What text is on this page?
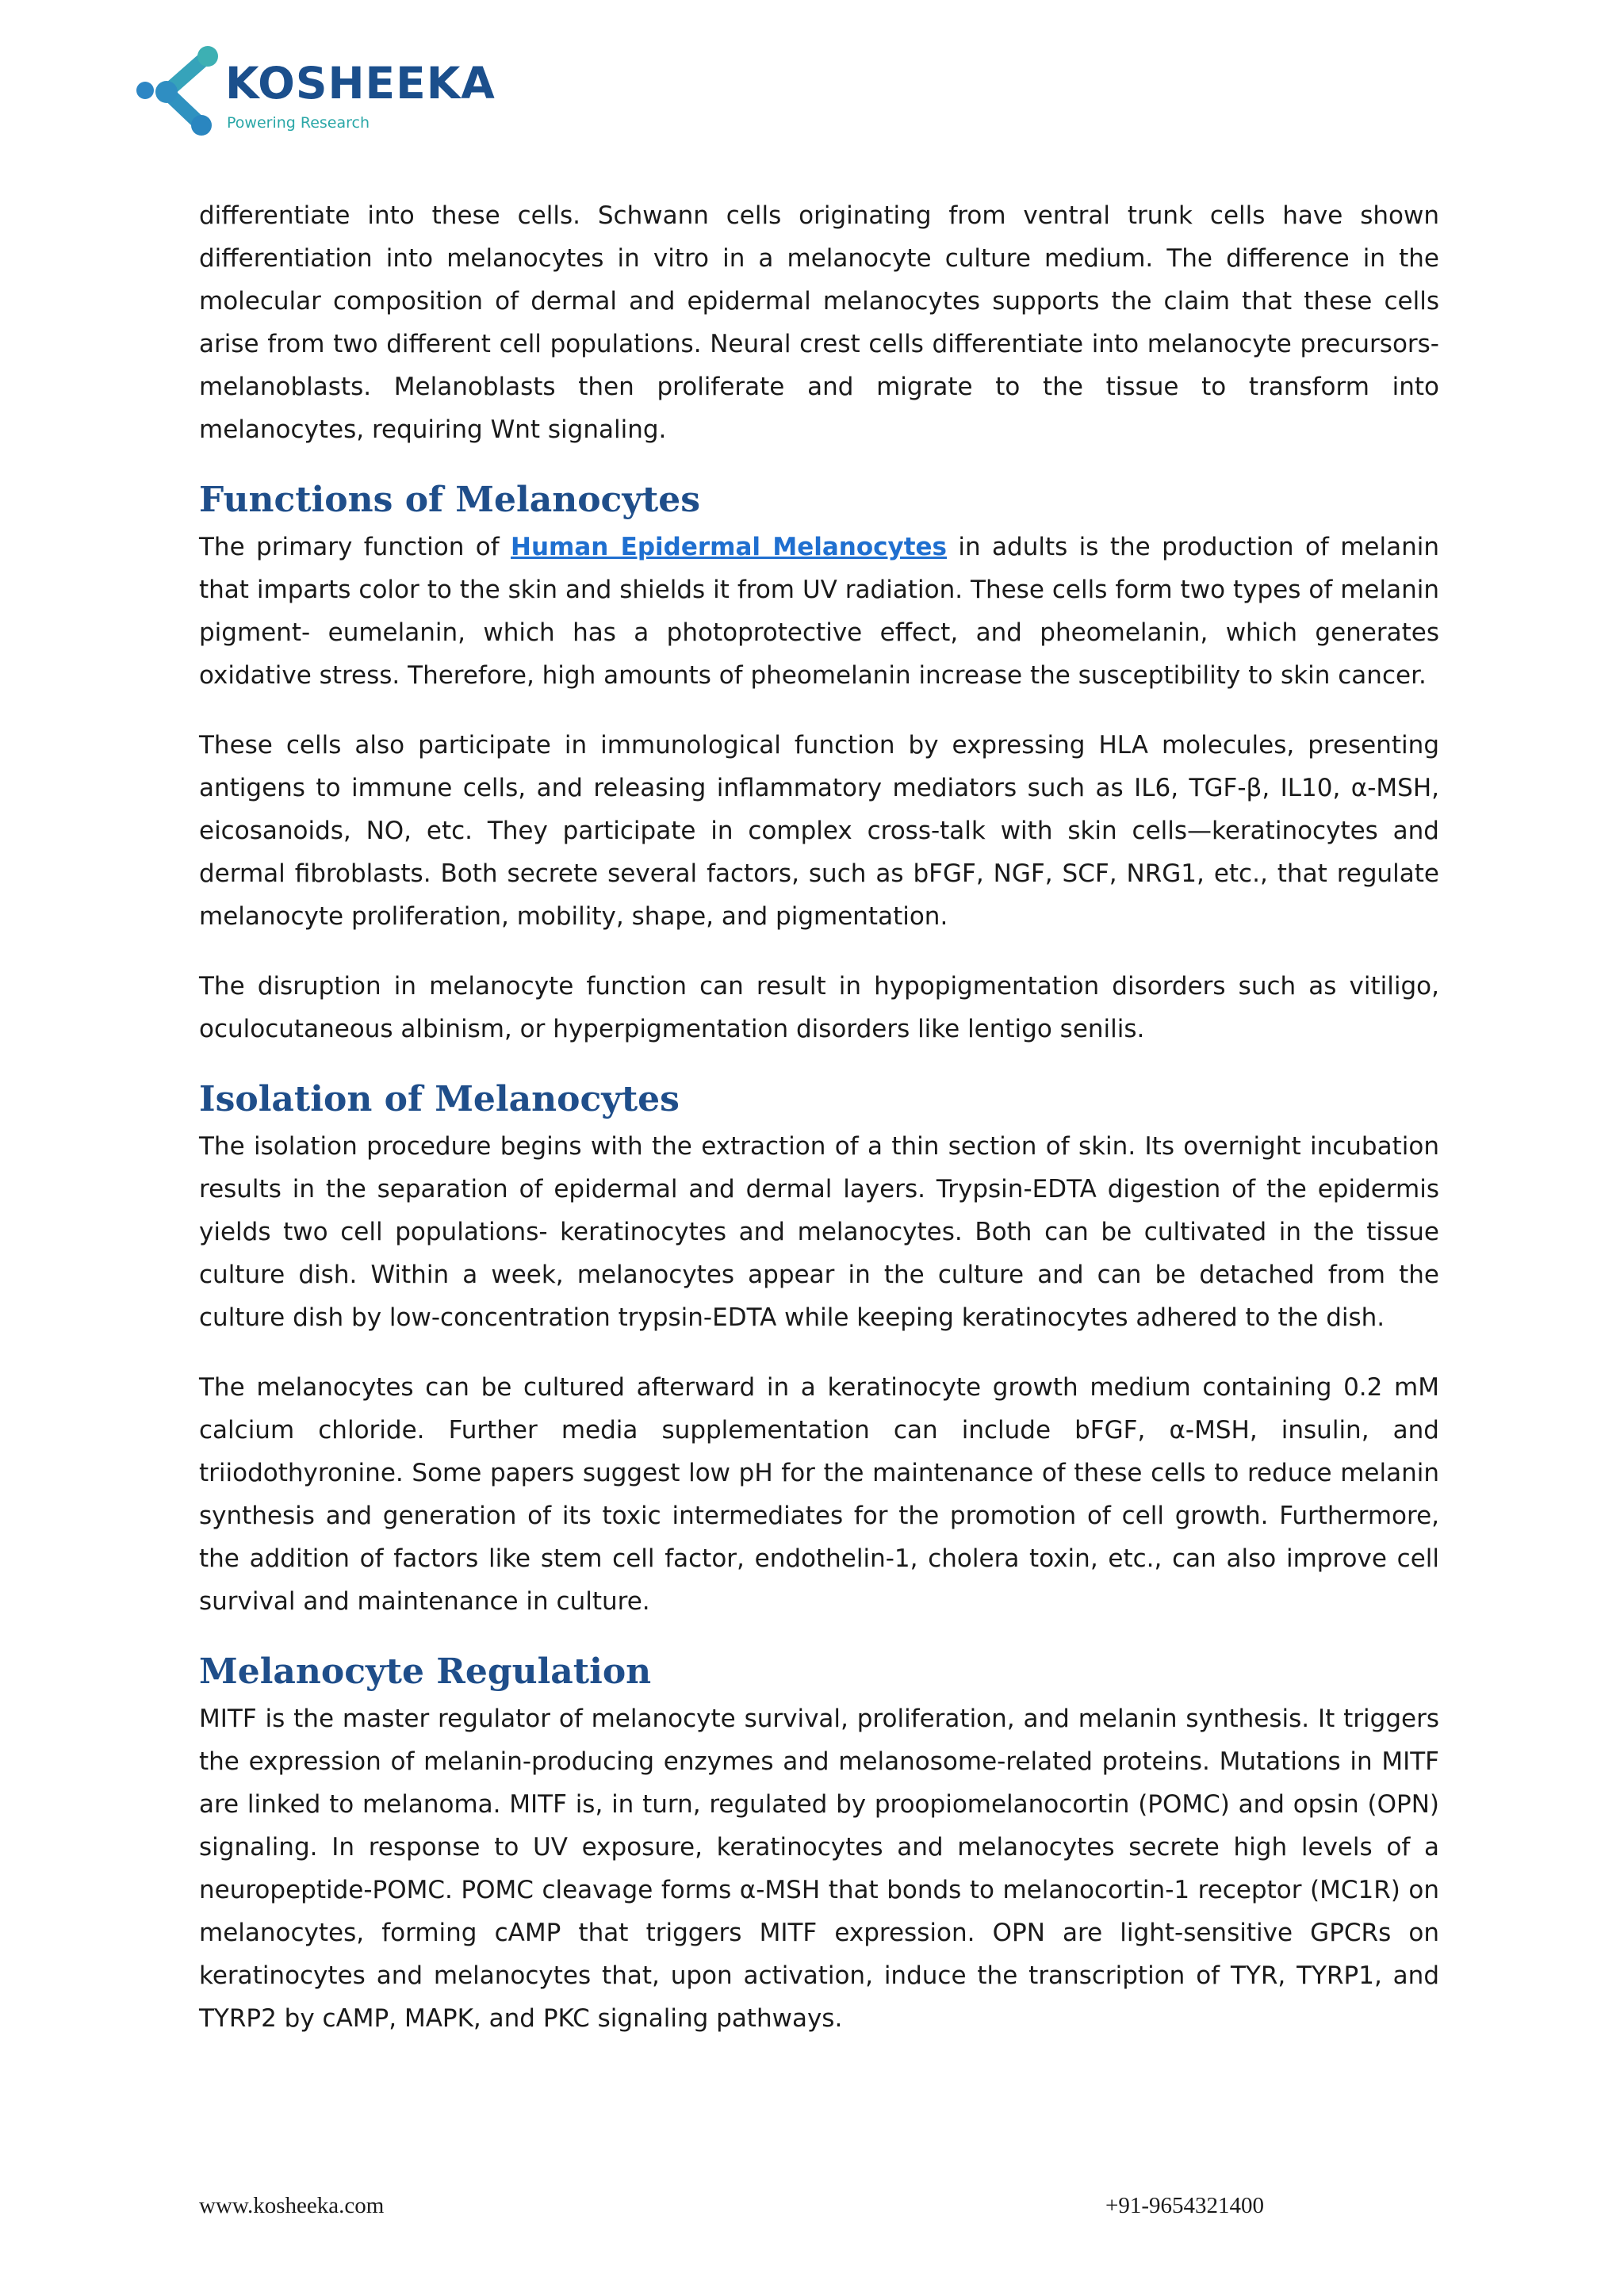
KOSHEEKA
Powering Research

differentiate into these cells. Schwann cells originating from ventral trunk cells have shown differentiation into melanocytes in vitro in a melanocyte culture medium. The difference in the molecular composition of dermal and epidermal melanocytes supports the claim that these cells arise from two different cell populations. Neural crest cells differentiate into melanocyte precursors-melanoblasts. Melanoblasts then proliferate and migrate to the tissue to transform into melanocytes, requiring Wnt signaling.

Functions of Melanocytes

The primary function of Human Epidermal Melanocytes in adults is the production of melanin that imparts color to the skin and shields it from UV radiation. These cells form two types of melanin pigment- eumelanin, which has a photoprotective effect, and pheomelanin, which generates oxidative stress. Therefore, high amounts of pheomelanin increase the susceptibility to skin cancer.

These cells also participate in immunological function by expressing HLA molecules, presenting antigens to immune cells, and releasing inflammatory mediators such as IL6, TGF-β, IL10, α-MSH, eicosanoids, NO, etc. They participate in complex cross-talk with skin cells—keratinocytes and dermal fibroblasts. Both secrete several factors, such as bFGF, NGF, SCF, NRG1, etc., that regulate melanocyte proliferation, mobility, shape, and pigmentation.

The disruption in melanocyte function can result in hypopigmentation disorders such as vitiligo, oculocutaneous albinism, or hyperpigmentation disorders like lentigo senilis.

Isolation of Melanocytes

The isolation procedure begins with the extraction of a thin section of skin. Its overnight incubation results in the separation of epidermal and dermal layers. Trypsin-EDTA digestion of the epidermis yields two cell populations- keratinocytes and melanocytes. Both can be cultivated in the tissue culture dish. Within a week, melanocytes appear in the culture and can be detached from the culture dish by low-concentration trypsin-EDTA while keeping keratinocytes adhered to the dish.

The melanocytes can be cultured afterward in a keratinocyte growth medium containing 0.2 mM calcium chloride. Further media supplementation can include bFGF, α-MSH, insulin, and triiodothyronine. Some papers suggest low pH for the maintenance of these cells to reduce melanin synthesis and generation of its toxic intermediates for the promotion of cell growth. Furthermore, the addition of factors like stem cell factor, endothelin-1, cholera toxin, etc., can also improve cell survival and maintenance in culture.

Melanocyte Regulation

MITF is the master regulator of melanocyte survival, proliferation, and melanin synthesis. It triggers the expression of melanin-producing enzymes and melanosome-related proteins. Mutations in MITF are linked to melanoma. MITF is, in turn, regulated by proopiomelanocortin (POMC) and opsin (OPN) signaling. In response to UV exposure, keratinocytes and melanocytes secrete high levels of a neuropeptide-POMC. POMC cleavage forms α-MSH that bonds to melanocortin-1 receptor (MC1R) on melanocytes, forming cAMP that triggers MITF expression. OPN are light-sensitive GPCRs on keratinocytes and melanocytes that, upon activation, induce the transcription of TYR, TYRP1, and TYRP2 by cAMP, MAPK, and PKC signaling pathways.

www.kosheeka.com	+91-9654321400
